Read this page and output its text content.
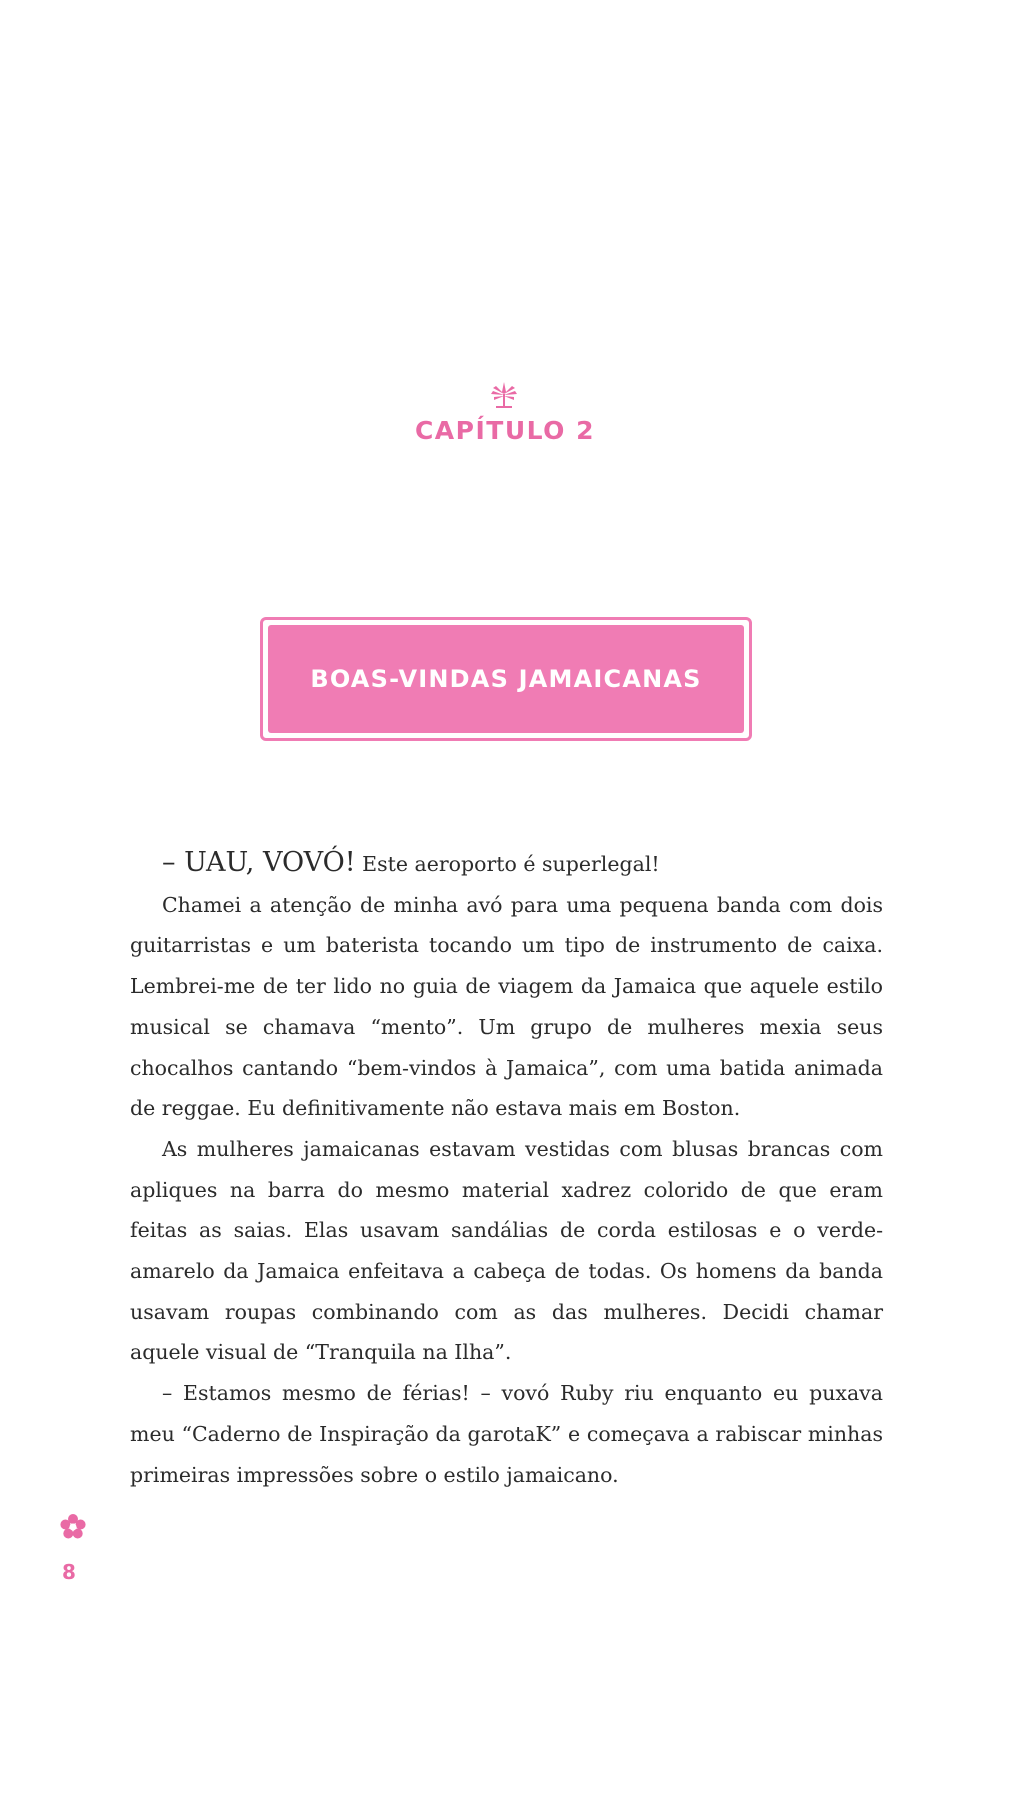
CAPÍTULO 2
BOAS-VINDAS JAMAICANAS

– UAU, VOVÓ! Este aeroporto é superlegal!

Chamei a atenção de minha avó para uma pequena banda com dois guitarristas e um baterista tocando um tipo de instrumento de caixa. Lembrei-me de ter lido no guia de viagem da Jamaica que aquele estilo musical se chamava “mento”. Um grupo de mulheres mexia seus chocalhos cantando “bem-vindos à Jamaica”, com uma batida animada de reggae. Eu definitivamente não estava mais em Boston.

As mulheres jamaicanas estavam vestidas com blusas brancas com apliques na barra do mesmo material xadrez colorido de que eram feitas as saias. Elas usavam sandálias de corda estilosas e o verde-amarelo da Jamaica enfeitava a cabeça de todas. Os homens da banda usavam roupas combinando com as das mulheres. Decidi chamar aquele visual de “Tranquila na Ilha”.

– Estamos mesmo de férias! – vovó Ruby riu enquanto eu puxava meu “Caderno de Inspiração da garotaK” e começava a rabiscar minhas primeiras impressões sobre o estilo jamaicano.

8
